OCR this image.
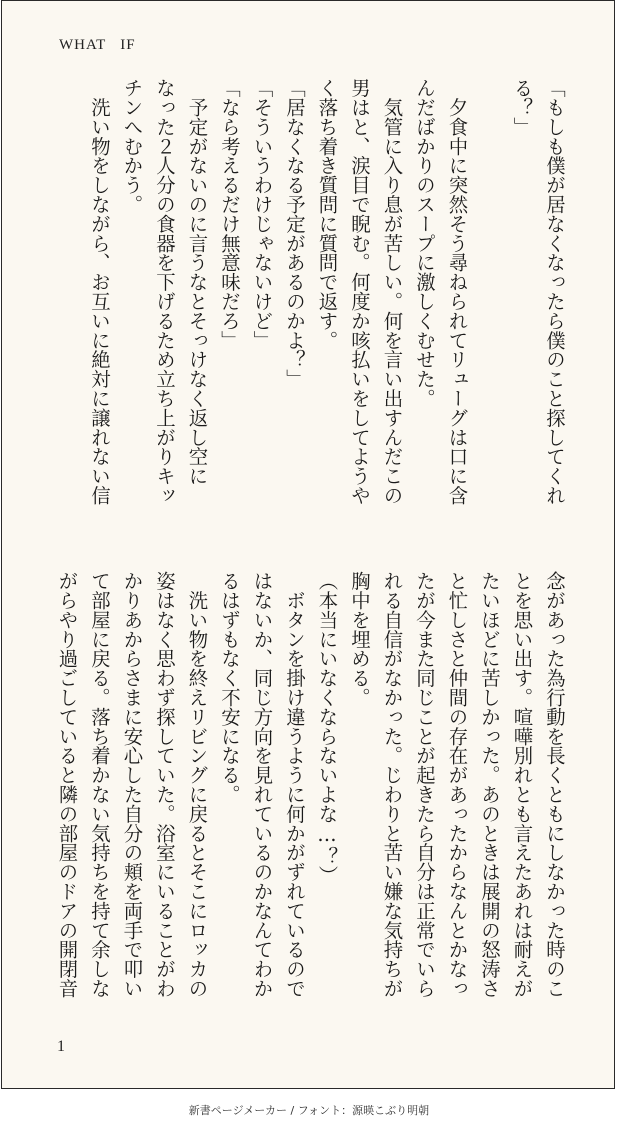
WHAT   IF
「もしも僕が居なくなったら僕のこと探してくれ
る？」

　夕食中に突然そう尋ねられてリューグは口に含
んだばかりのスープに激しくむせた。
　気管に入り息が苦しい。何を言い出すんだこの
男はと、涙目で睨む。何度か咳払いをしてようや
く落ち着き質問に質問で返す。
「居なくなる予定があるのかよ？」
「そういうわけじゃないけど」
「なら考えるだけ無意味だろ」
　予定がないのに言うなとそっけなく返し空に
なった２人分の食器を下げるため立ち上がりキッ
チンへむかう。
　洗い物をしながら、お互いに絶対に譲れない信
念があった為行動を長くともにしなかった時のこ
とを思い出す。喧嘩別れとも言えたあれは耐えが
たいほどに苦しかった。あのときは展開の怒涛さ
と忙しさと仲間の存在があったからなんとかなっ
たが今また同じことが起きたら自分は正常でいら
れる自信がなかった。じわりと苦い嫌な気持ちが
胸中を埋める。
（本当にいなくならないよな…？）
　ボタンを掛け違うように何かがずれているので
はないか、同じ方向を見れているのかなんてわか
るはずもなく不安になる。
　洗い物を終えリビングに戻るとそこにロッカの
姿はなく思わず探していた。浴室にいることがわ
かりあからさまに安心した自分の頬を両手で叩い
て部屋に戻る。落ち着かない気持ちを持て余しな
がらやり過ごしていると隣の部屋のドアの開閉音
1
新書ページメーカー / フォント：源暎こぶり明朝
